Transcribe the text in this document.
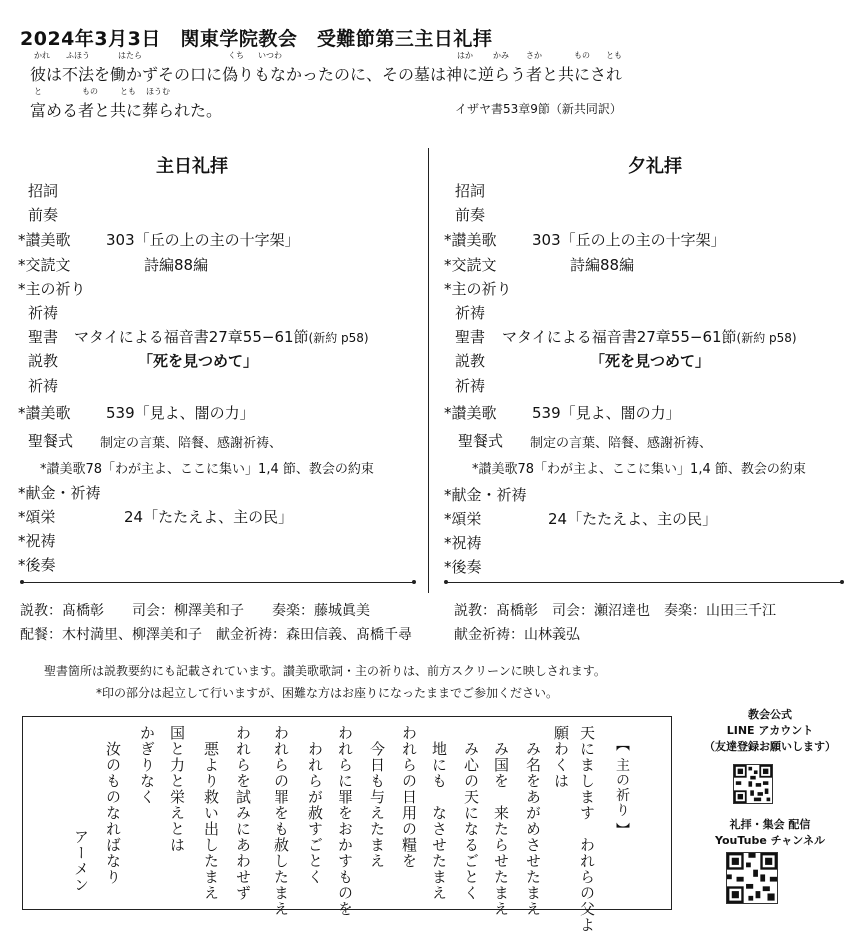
2024年3月3日　関東学院教会　受難節第三主日礼拝
彼は不法を働かずその口に偽りもなかったのに、その墓は神に逆らう者と共にされ
富める者と共に葬られた。
かれ ふほう	はたら	くち いつわ	はか	かみ さか	もの とも
と	もの	とも ほうむ
イザヤ書53章9節（新共同訳）
主日礼拝	夕礼拝
招詞
前奏
*讃美歌 303「丘の上の主の十字架」
*交読文	詩編88編
*主の祈り
祈祷
聖書 マタイによる福音書27章55−61節(新約 p58)
説教	「死を見つめて」
祈祷
*讃美歌 539「見よ、闇の力」
聖餐式 制定の言葉、陪餐、感謝祈祷、
*讃美歌78「わが主よ、ここに集い」1,4 節、教会の約束
*献金・祈祷
*頌栄	24「たたえよ、主の民」
*祝祷
*後奏
招詞
前奏
*讃美歌 303「丘の上の主の十字架」
*交読文	詩編88編
*主の祈り
祈祷
聖書 マタイによる福音書27章55−61節(新約 p58)
説教	「死を見つめて」
祈祷
*讃美歌 539「見よ、闇の力」
聖餐式 制定の言葉、陪餐、感謝祈祷、
*讃美歌78「わが主よ、ここに集い」1,4 節、教会の約束
*献金・祈祷
*頌栄	24「たたえよ、主の民」
*祝祷
*後奏
説教：髙橋彰　　司会：柳澤美和子　　奏楽：藤城眞美
配餐：木村満里、柳澤美和子　献金祈祷：森田信義、髙橋千尋
説教：髙橋彰　司会：瀬沼達也　奏楽：山田三千江
献金祈祷：山林義弘
聖書箇所は説教要約にも記載されています。讃美歌歌詞・主の祈りは、前方スクリーンに映しされます。
*印の部分は起立して行いますが、困難な方はお座りになったままでご参加ください。
【 主の祈り 】
天にまします　われらの父よ
願わくは
み名をあがめさせたまえ
み国を　来たらせたまえ
み心の天になるごとく
地にも　なさせたまえ
われらの日用の糧を
今日も与えたまえ
われらに罪をおかすものを
われらが赦すごとく
われらの罪をも赦したまえ
われらを試みにあわせず
悪より救い出したまえ
国と力と栄えとは
かぎりなく
汝のものなればなり
アーメン
教会公式
LINE アカウント
（友達登録お願いします）
礼拝・集会 配信
YouTube チャンネル
